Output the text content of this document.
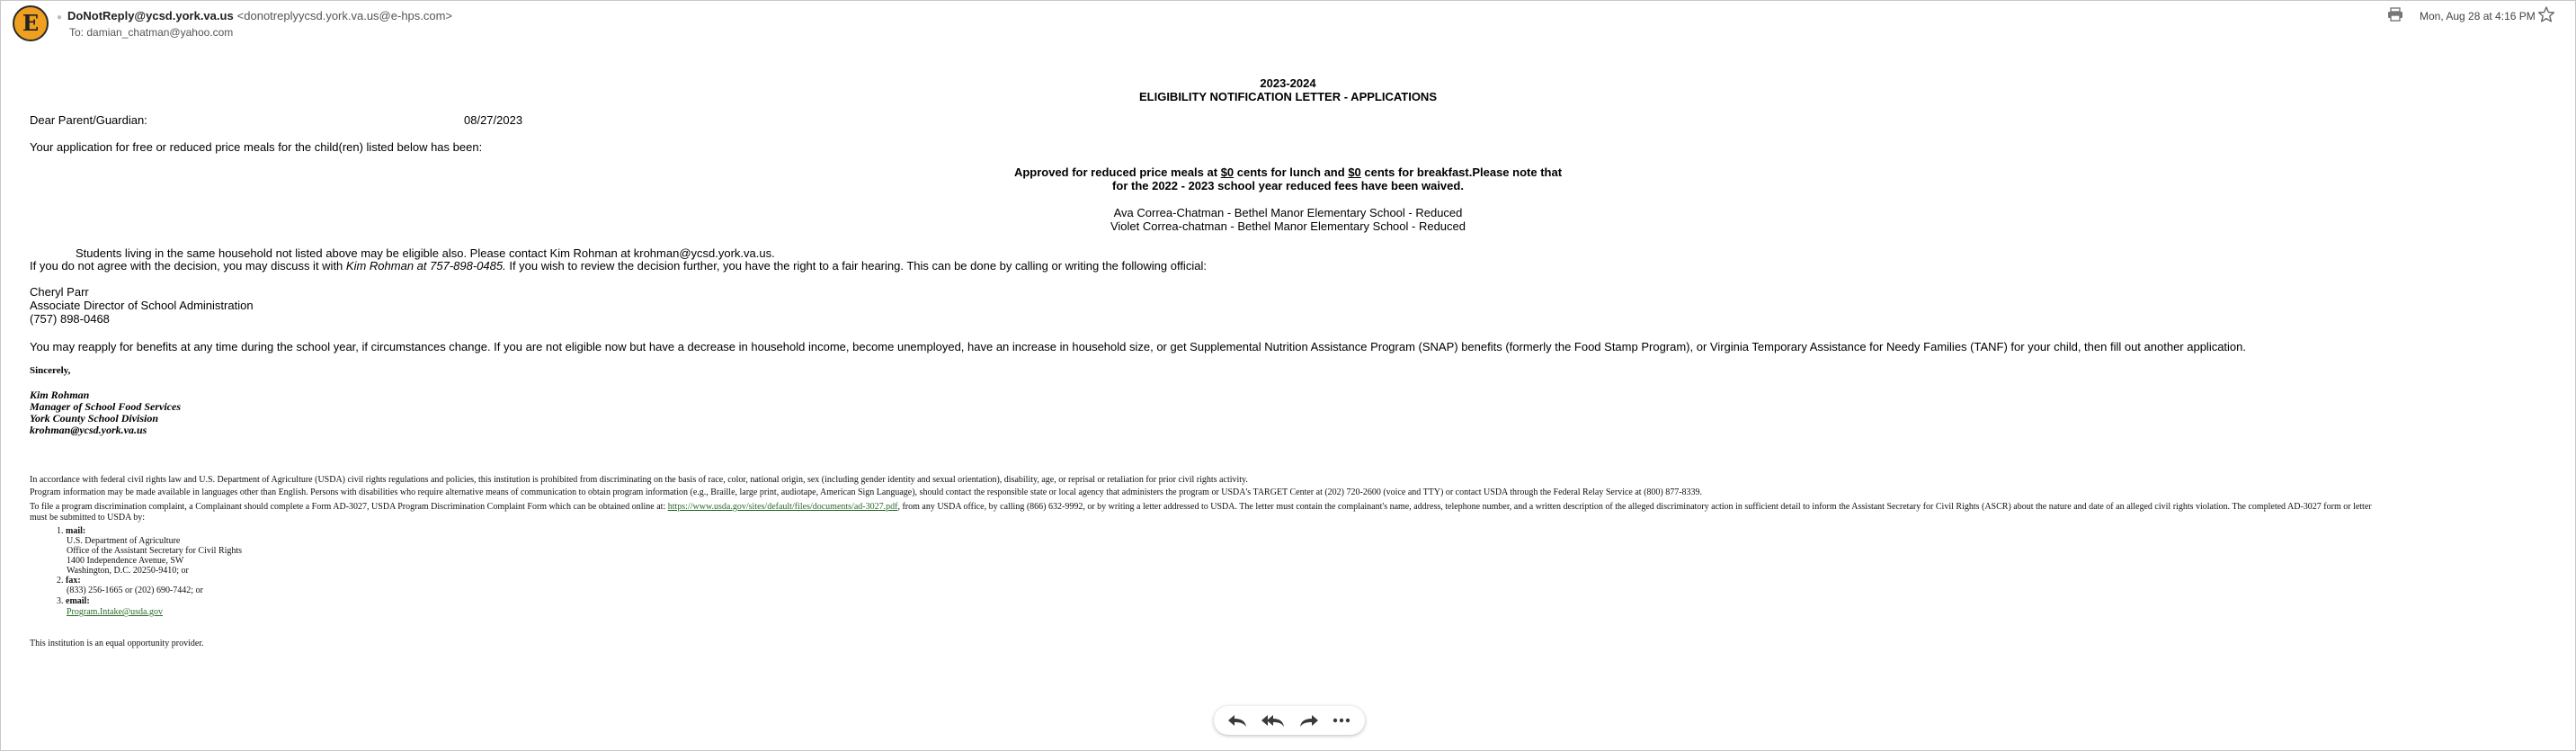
E	● DoNotReply@ycsd.york.va.us <donotreplyycsd.york.va.us@e-hps.com>
To: damian_chatman@yahoo.com
Mon, Aug 28 at 4:16 PM
2023-2024
ELIGIBILITY NOTIFICATION LETTER - APPLICATIONS
Dear Parent/Guardian:	08/27/2023
Your application for free or reduced price meals for the child(ren) listed below has been:
Approved for reduced price meals at $0 cents for lunch and $0 cents for breakfast.Please note that
for the 2022 - 2023 school year reduced fees have been waived.
Ava Correa-Chatman - Bethel Manor Elementary School - Reduced
Violet Correa-chatman - Bethel Manor Elementary School - Reduced
Students living in the same household not listed above may be eligible also. Please contact Kim Rohman at krohman@ycsd.york.va.us.
If you do not agree with the decision, you may discuss it with Kim Rohman at 757-898-0485. If you wish to review the decision further, you have the right to a fair hearing. This can be done by calling or writing the following official:
Cheryl Parr
Associate Director of School Administration
(757) 898-0468
You may reapply for benefits at any time during the school year, if circumstances change. If you are not eligible now but have a decrease in household income, become unemployed, have an increase in household size, or get Supplemental Nutrition Assistance Program (SNAP) benefits (formerly the Food Stamp Program), or Virginia Temporary Assistance for Needy Families (TANF) for your child, then fill out another application.
Sincerely,
Kim Rohman
Manager of School Food Services
York County School Division
krohman@ycsd.york.va.us
In accordance with federal civil rights law and U.S. Department of Agriculture (USDA) civil rights regulations and policies, this institution is prohibited from discriminating on the basis of race, color, national origin, sex (including gender identity and sexual orientation), disability, age, or reprisal or retaliation for prior civil rights activity.
Program information may be made available in languages other than English. Persons with disabilities who require alternative means of communication to obtain program information (e.g., Braille, large print, audiotape, American Sign Language), should contact the responsible state or local agency that administers the program or USDA's TARGET Center at (202) 720-2600 (voice and TTY) or contact USDA through the Federal Relay Service at (800) 877-8339.
To file a program discrimination complaint, a Complainant should complete a Form AD-3027, USDA Program Discrimination Complaint Form which can be obtained online at: https://www.usda.gov/sites/default/files/documents/ad-3027.pdf, from any USDA office, by calling (866) 632-9992, or by writing a letter addressed to USDA. The letter must contain the complainant's name, address, telephone number, and a written description of the alleged discriminatory action in sufficient detail to inform the Assistant Secretary for Civil Rights (ASCR) about the nature and date of an alleged civil rights violation. The completed AD-3027 form or letter
must be submitted to USDA by:
1. mail:
U.S. Department of Agriculture
Office of the Assistant Secretary for Civil Rights
1400 Independence Avenue, SW
Washington, D.C. 20250-9410; or
2. fax:
(833) 256-1665 or (202) 690-7442; or
3. email:
Program.Intake@usda.gov
This institution is an equal opportunity provider.
